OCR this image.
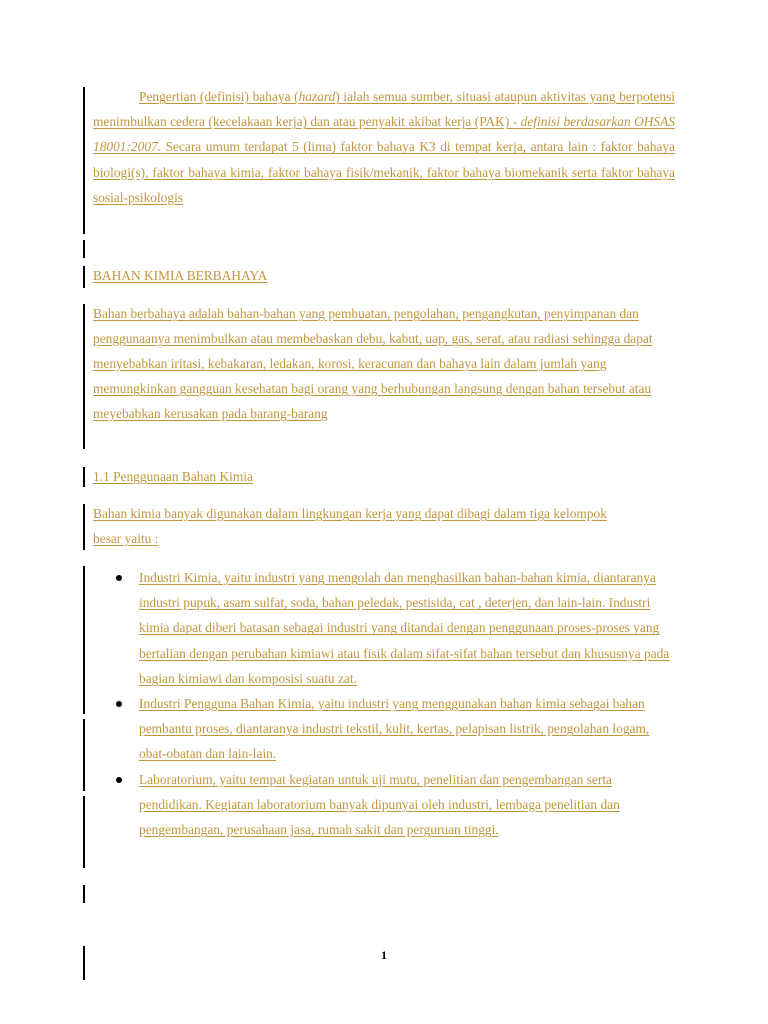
Pengertian (definisi) bahaya (hazard) ialah semua sumber, situasi ataupun aktivitas yang berpotensi menimbulkan cedera (kecelakaan kerja) dan atau penyakit akibat kerja (PAK) - definisi berdasarkan OHSAS 18001:2007. Secara umum terdapat 5 (lima) faktor bahaya K3 di tempat kerja, antara lain : faktor bahaya biologi(s), faktor bahaya kimia, faktor bahaya fisik/mekanik, faktor bahaya biomekanik serta faktor bahaya sosial-psikologis

BAHAN KIMIA BERBAHAYA

Bahan berbahaya adalah bahan-bahan yang pembuatan, pengolahan, pengangkutan, penyimpanan dan penggunaanya menimbulkan atau membebaskan debu, kabut, uap, gas, serat, atau radiasi sehingga dapat menyebabkan iritasi, kebakaran, ledakan, korosi, keracunan dan bahaya lain dalam jumlah yang memungkinkan gangguan kesehatan bagi orang yang berhubungan langsung dengan bahan tersebut atau meyebabkan kerusakan pada barang-barang

1.1 Penggunaan Bahan Kimia

Bahan kimia banyak digunakan dalam lingkungan kerja yang dapat dibagi dalam tiga kelompok besar yaitu :

Industri Kimia, yaitu industri yang mengolah dan menghasilkan bahan-bahan kimia, diantaranya industri pupuk, asam sulfat, soda, bahan peledak, pestisida, cat , deterjen, dan lain-lain. Industri kimia dapat diberi batasan sebagai industri yang ditandai dengan penggunaan proses-proses yang bertalian dengan perubahan kimiawi atau fisik dalam sifat-sifat bahan tersebut dan khususnya pada bagian kimiawi dan komposisi suatu zat.
Industri Pengguna Bahan Kimia, yaitu industri yang menggunakan bahan kimia sebagai bahan pembantu proses, diantaranya industri tekstil, kulit, kertas, pelapisan listrik, pengolahan logam, obat-obatan dan lain-lain.
Laboratorium, yaitu tempat kegiatan untuk uji mutu, penelitian dan pengembangan serta pendidikan. Kegiatan laboratorium banyak dipunyai oleh industri, lembaga penelitian dan pengembangan, perusahaan jasa, rumah sakit dan perguruan tinggi.
1
